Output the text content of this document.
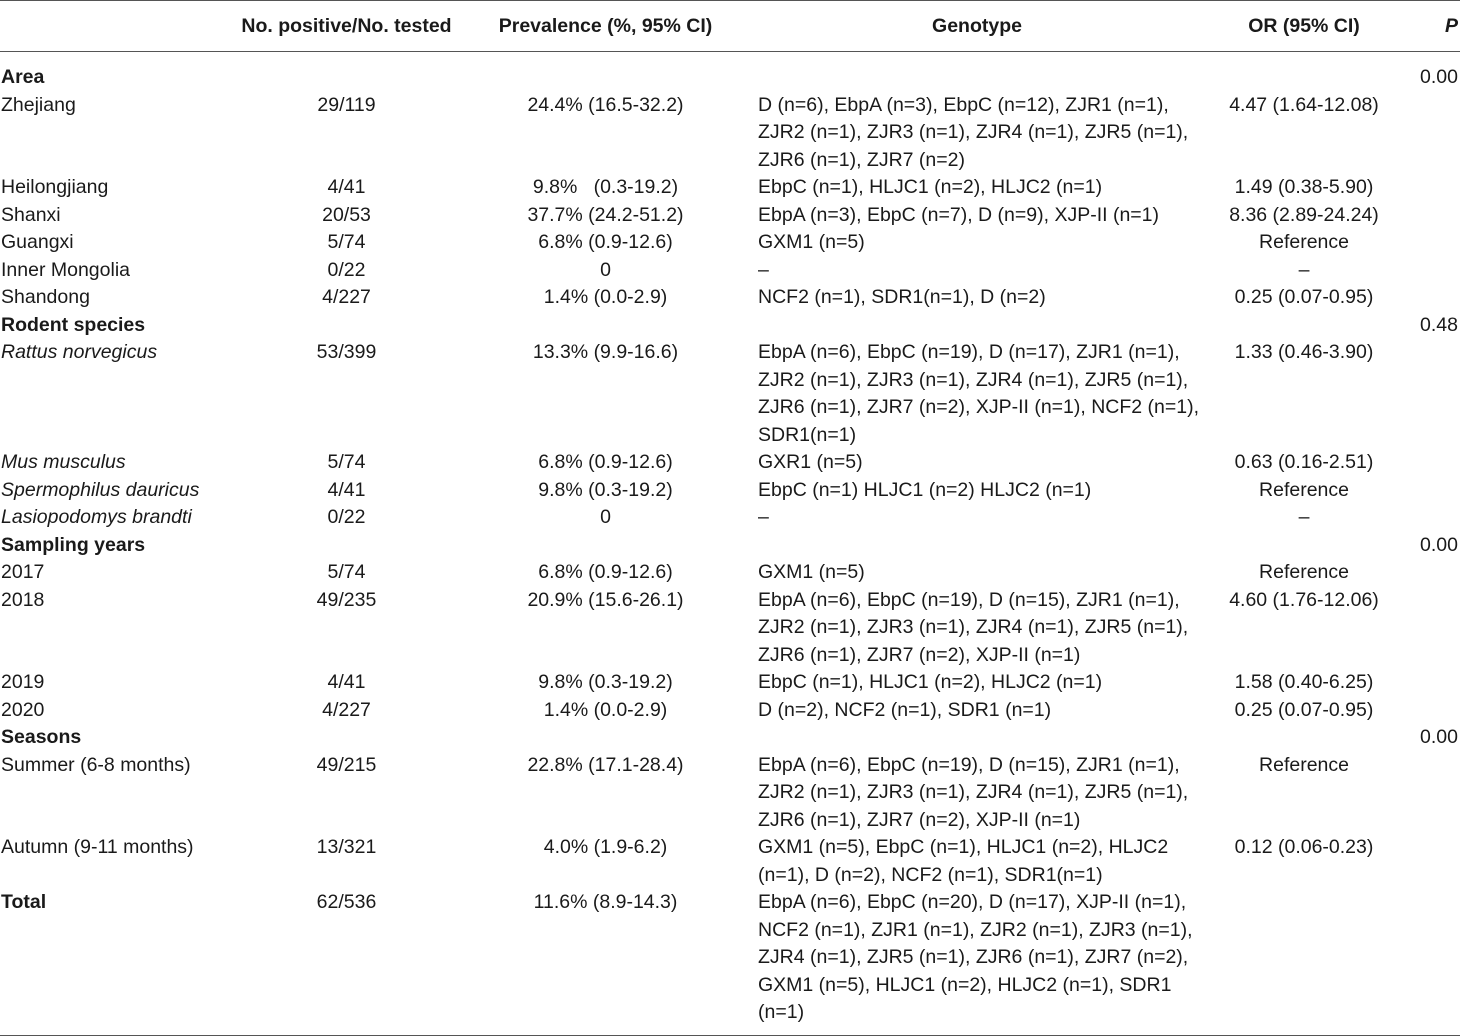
	No. positive/No. tested	Prevalence (%, 95% CI)	Genotype	OR (95% CI)	P
Area					0.00
Zhejiang	29/119	24.4% (16.5-32.2)	D (n=6), EbpA (n=3), EbpC (n=12), ZJR1 (n=1), ZJR2 (n=1), ZJR3 (n=1), ZJR4 (n=1), ZJR5 (n=1), ZJR6 (n=1), ZJR7 (n=2)	4.47 (1.64-12.08)	
Heilongjiang	4/41	9.8%   (0.3-19.2)	EbpC (n=1), HLJC1 (n=2), HLJC2 (n=1)	1.49 (0.38-5.90)	
Shanxi	20/53	37.7% (24.2-51.2)	EbpA (n=3), EbpC (n=7), D (n=9), XJP-II (n=1)	8.36 (2.89-24.24)	
Guangxi	5/74	6.8% (0.9-12.6)	GXM1 (n=5)	Reference	
Inner Mongolia	0/22	0	–	–	
Shandong	4/227	1.4% (0.0-2.9)	NCF2 (n=1), SDR1(n=1), D (n=2)	0.25 (0.07-0.95)	
Rodent species					0.48
Rattus norvegicus	53/399	13.3% (9.9-16.6)	EbpA (n=6), EbpC (n=19), D (n=17), ZJR1 (n=1), ZJR2 (n=1), ZJR3 (n=1), ZJR4 (n=1), ZJR5 (n=1), ZJR6 (n=1), ZJR7 (n=2), XJP-II (n=1), NCF2 (n=1), SDR1(n=1)	1.33 (0.46-3.90)	
Mus musculus	5/74	6.8% (0.9-12.6)	GXR1 (n=5)	0.63 (0.16-2.51)	
Spermophilus dauricus	4/41	9.8% (0.3-19.2)	EbpC (n=1) HLJC1 (n=2) HLJC2 (n=1)	Reference	
Lasiopodomys brandti	0/22	0	–	–	
Sampling years					0.00
2017	5/74	6.8% (0.9-12.6)	GXM1 (n=5)	Reference	
2018	49/235	20.9% (15.6-26.1)	EbpA (n=6), EbpC (n=19), D (n=15), ZJR1 (n=1), ZJR2 (n=1), ZJR3 (n=1), ZJR4 (n=1), ZJR5 (n=1), ZJR6 (n=1), ZJR7 (n=2), XJP-II (n=1)	4.60 (1.76-12.06)	
2019	4/41	9.8% (0.3-19.2)	EbpC (n=1), HLJC1 (n=2), HLJC2 (n=1)	1.58 (0.40-6.25)	
2020	4/227	1.4% (0.0-2.9)	D (n=2), NCF2 (n=1), SDR1 (n=1)	0.25 (0.07-0.95)	
Seasons					0.00
Summer (6-8 months)	49/215	22.8% (17.1-28.4)	EbpA (n=6), EbpC (n=19), D (n=15), ZJR1 (n=1), ZJR2 (n=1), ZJR3 (n=1), ZJR4 (n=1), ZJR5 (n=1), ZJR6 (n=1), ZJR7 (n=2), XJP-II (n=1)	Reference	
Autumn (9-11 months)	13/321	4.0% (1.9-6.2)	GXM1 (n=5), EbpC (n=1), HLJC1 (n=2), HLJC2 (n=1), D (n=2), NCF2 (n=1), SDR1(n=1)	0.12 (0.06-0.23)	
Total	62/536	11.6% (8.9-14.3)	EbpA (n=6), EbpC (n=20), D (n=17), XJP-II (n=1), NCF2 (n=1), ZJR1 (n=1), ZJR2 (n=1), ZJR3 (n=1), ZJR4 (n=1), ZJR5 (n=1), ZJR6 (n=1), ZJR7 (n=2), GXM1 (n=5), HLJC1 (n=2), HLJC2 (n=1), SDR1 (n=1)		
